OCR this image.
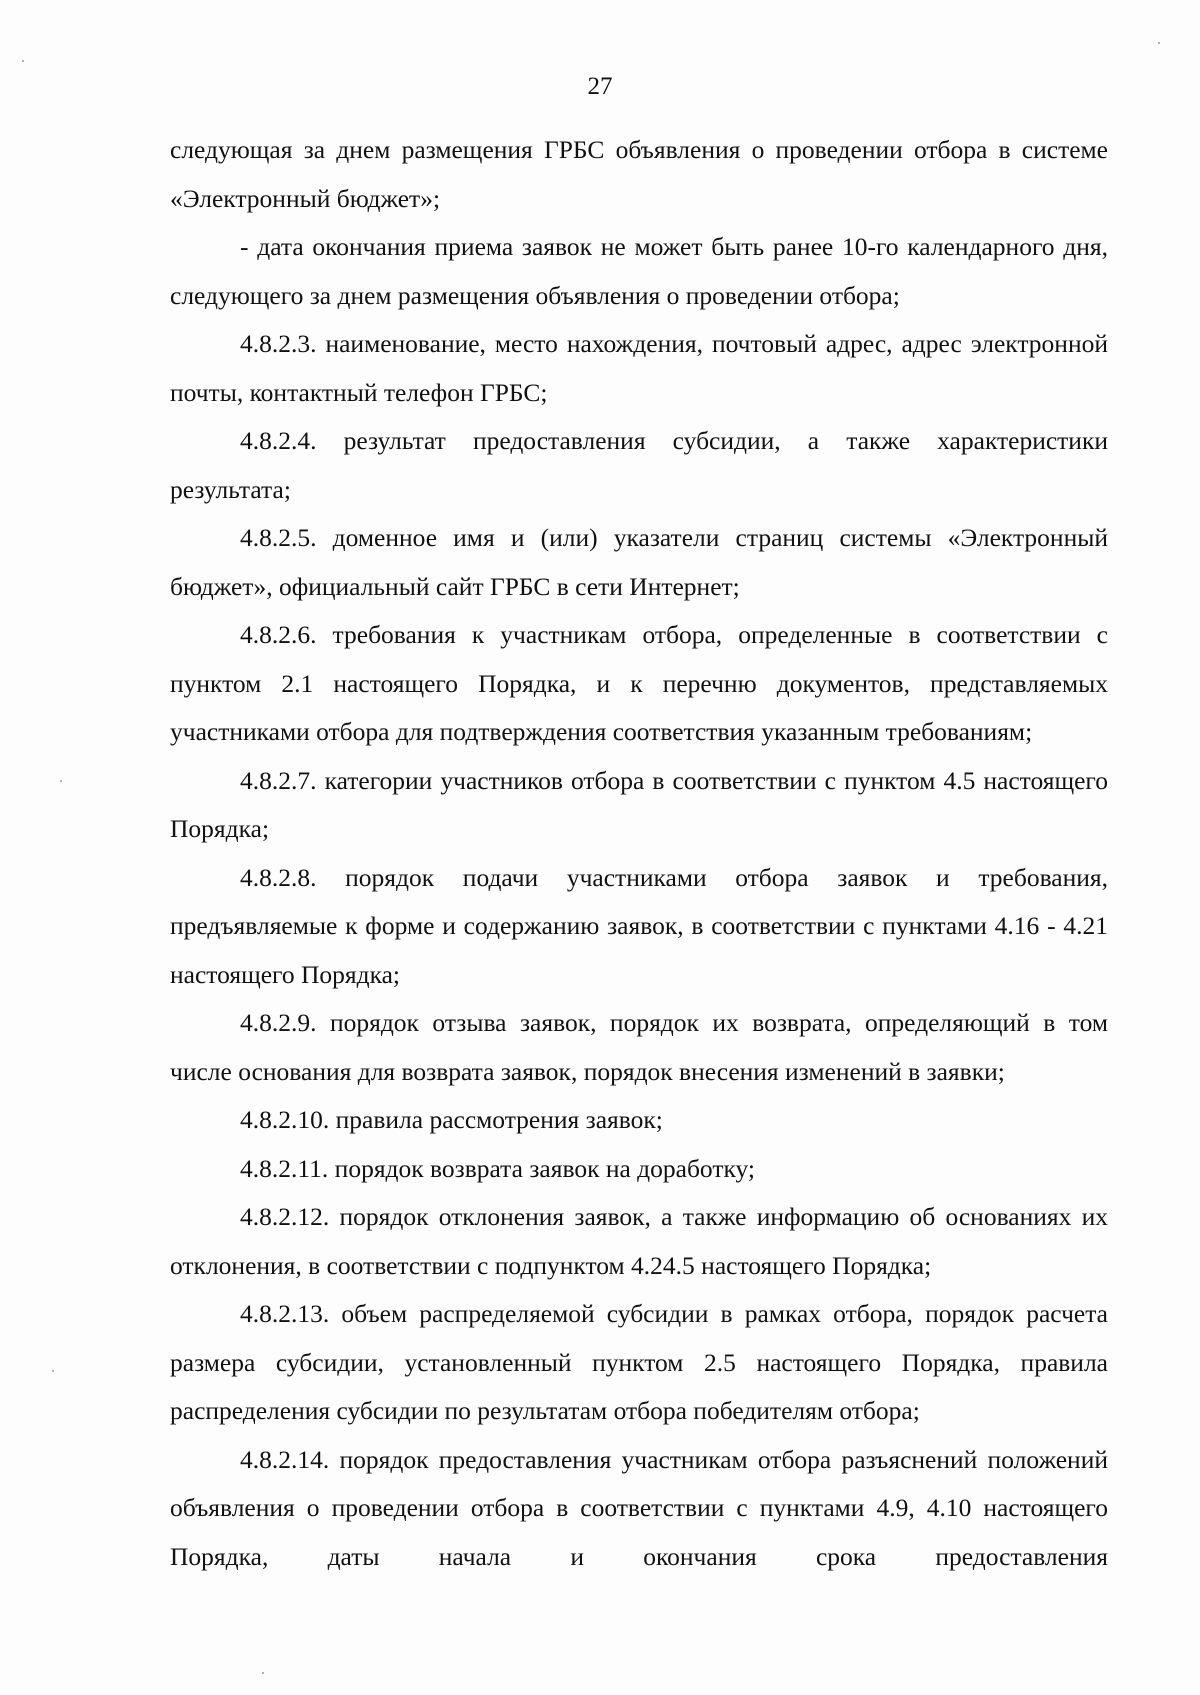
27

следующая за днем размещения ГРБС объявления о проведении отбора в системе «Электронный бюджет»;

- дата окончания приема заявок не может быть ранее 10-го календарного дня, следующего за днем размещения объявления о проведении отбора;

4.8.2.3. наименование, место нахождения, почтовый адрес, адрес электронной почты, контактный телефон ГРБС;

4.8.2.4. результат предоставления субсидии, а также характеристики результата;

4.8.2.5. доменное имя и (или) указатели страниц системы «Электронный бюджет», официальный сайт ГРБС в сети Интернет;

4.8.2.6. требования к участникам отбора, определенные в соответствии с пунктом 2.1 настоящего Порядка, и к перечню документов, представляемых участниками отбора для подтверждения соответствия указанным требованиям;

4.8.2.7. категории участников отбора в соответствии с пунктом 4.5 настоящего Порядка;

4.8.2.8. порядок подачи участниками отбора заявок и требования, предъявляемые к форме и содержанию заявок, в соответствии с пунктами 4.16 - 4.21 настоящего Порядка;

4.8.2.9. порядок отзыва заявок, порядок их возврата, определяющий в том числе основания для возврата заявок, порядок внесения изменений в заявки;

4.8.2.10. правила рассмотрения заявок;

4.8.2.11. порядок возврата заявок на доработку;

4.8.2.12. порядок отклонения заявок, а также информацию об основаниях их отклонения, в соответствии с подпунктом 4.24.5 настоящего Порядка;

4.8.2.13. объем распределяемой субсидии в рамках отбора, порядок расчета размера субсидии, установленный пунктом 2.5 настоящего Порядка, правила распределения субсидии по результатам отбора победителям отбора;

4.8.2.14. порядок предоставления участникам отбора разъяснений положений объявления о проведении отбора в соответствии с пунктами 4.9, 4.10 настоящего Порядка, даты начала и окончания срока предоставления
